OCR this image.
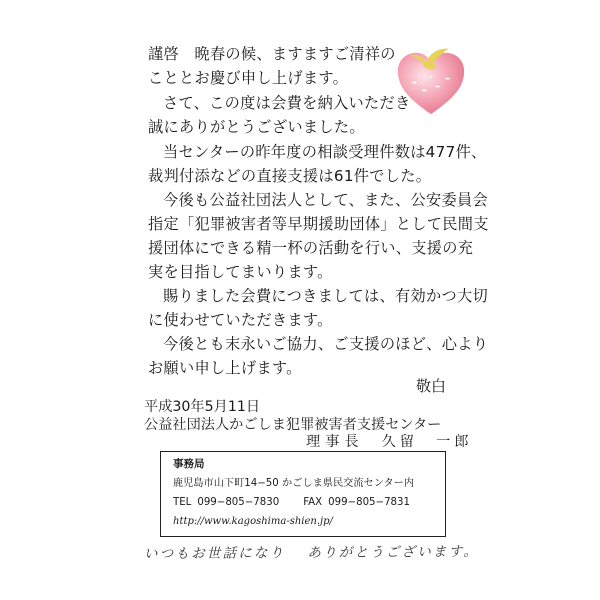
謹啓　晩春の候、ますますご清祥の
こととお慶び申し上げます。
さて、この度は会費を納入いただき
誠にありがとうございました。
当センターの昨年度の相談受理件数は477件、
裁判付添などの直接支援は61件でした。
今後も公益社団法人として、また、公安委員会
指定「犯罪被害者等早期援助団体」として民間支
援団体にできる精一杯の活動を行い、支援の充
実を目指してまいります。
賜りました会費につきましては、有効かつ大切
に使わせていただきます。
今後とも末永いご協力、ご支援のほど、心より
お願い申し上げます。
敬白
平成30年5月11日
公益社団法人かごしま犯罪被害者支援センター
理事長 久留　一郎
事務局
鹿児島市山下町14−50 かごしま県民交流センター内
TEL 099−805−7830 FAX 099−805−7831
http://www.kagoshima-shien.jp/
いつもお世話になり ありがとうございます。
